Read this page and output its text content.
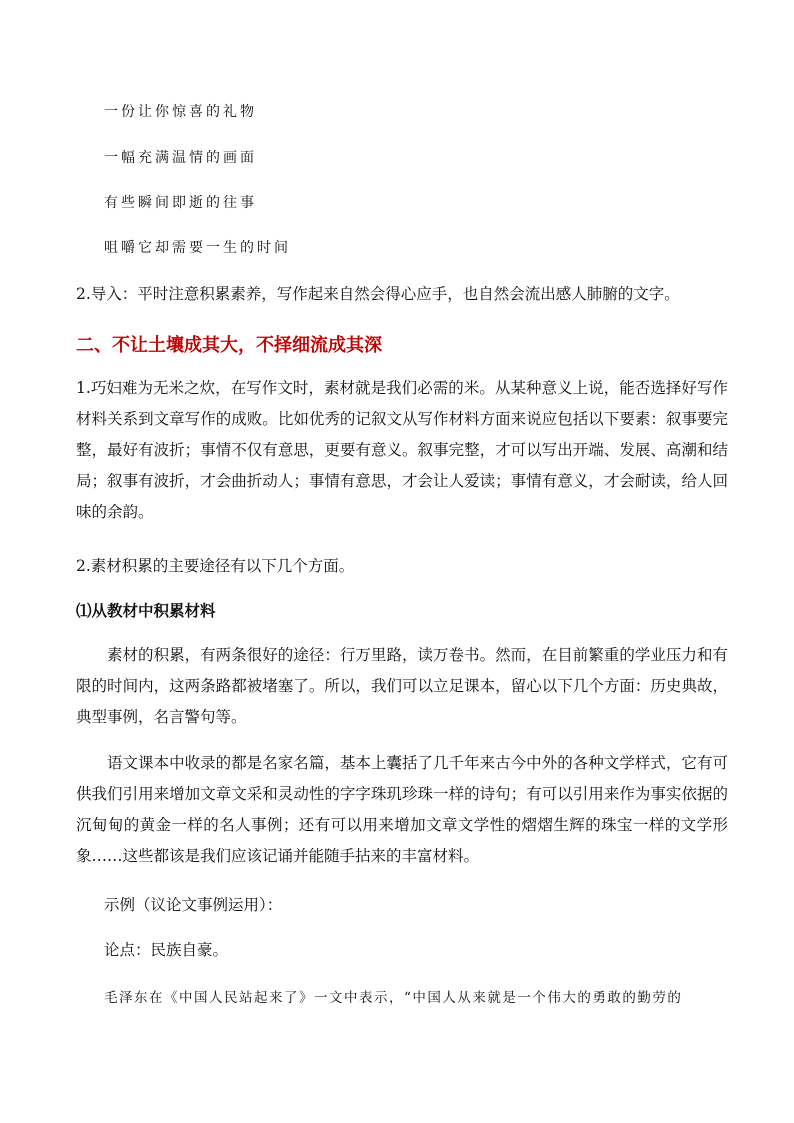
一份让你惊喜的礼物
一幅充满温情的画面
有些瞬间即逝的往事
咀嚼它却需要一生的时间
2.导入：平时注意积累素养，写作起来自然会得心应手，也自然会流出感人肺腑的文字。
二、不让土壤成其大，不择细流成其深

1.巧妇难为无米之炊，在写作文时，素材就是我们必需的米。从某种意义上说，能否选择好写作材料关系到文章写作的成败。比如优秀的记叙文从写作材料方面来说应包括以下要素：叙事要完整，最好有波折；事情不仅有意思，更要有意义。叙事完整，才可以写出开端、发展、高潮和结局；叙事有波折，才会曲折动人；事情有意思，才会让人爱读；事情有意义，才会耐读，给人回味的余韵。

2.素材积累的主要途径有以下几个方面。
⑴从教材中积累材料

素材的积累，有两条很好的途径：行万里路，读万卷书。然而，在目前繁重的学业压力和有限的时间内，这两条路都被堵塞了。所以，我们可以立足课本，留心以下几个方面：历史典故，典型事例，名言警句等。

语文课本中收录的都是名家名篇，基本上囊括了几千年来古今中外的各种文学样式，它有可供我们引用来增加文章文采和灵动性的字字珠玑珍珠一样的诗句；有可以引用来作为事实依据的沉甸甸的黄金一样的名人事例；还有可以用来增加文章文学性的熠熠生辉的珠宝一样的文学形象……这些都该是我们应该记诵并能随手拈来的丰富材料。

示例（议论文事例运用）：
论点：民族自豪。
毛泽东在《中国人民站起来了》一文中表示，“中国人从来就是一个伟大的勇敢的勤劳的
